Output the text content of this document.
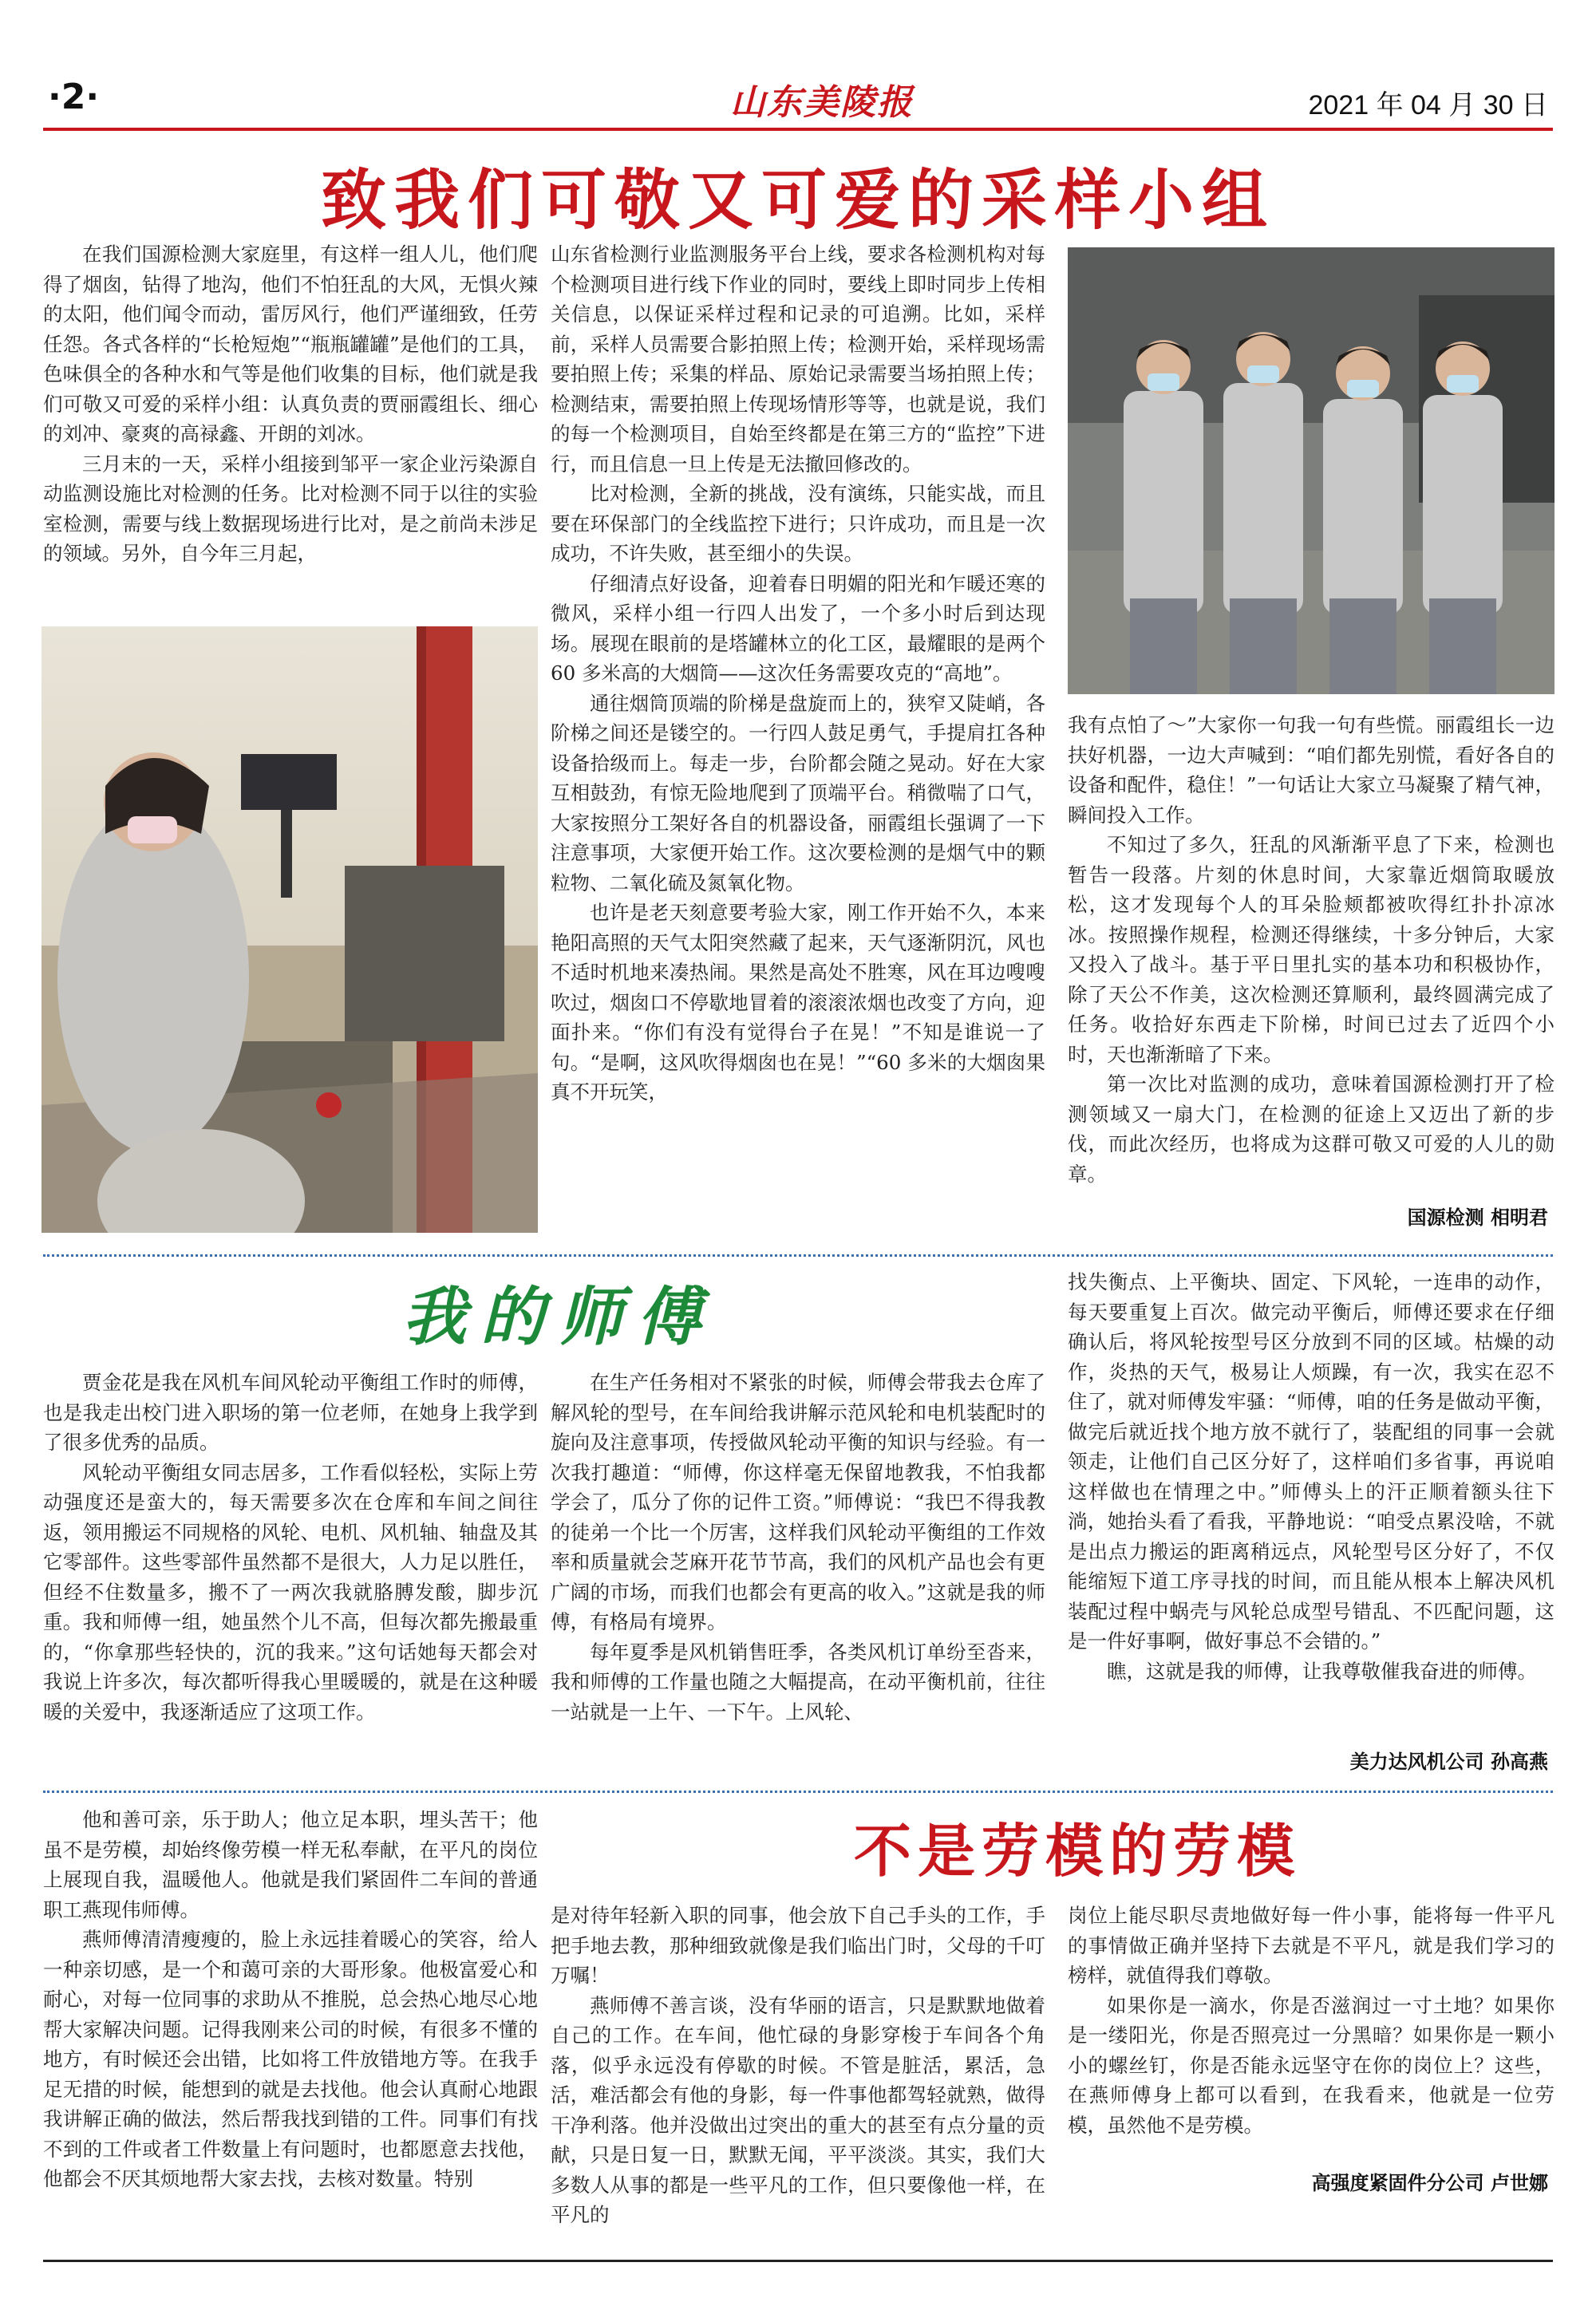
·2·	山东美陵报	2021 年 04 月 30 日
致我们可敬又可爱的采样小组

在我们国源检测大家庭里，有这样一组人儿，他们爬得了烟囱，钻得了地沟，他们不怕狂乱的大风，无惧火辣的太阳，他们闻令而动，雷厉风行，他们严谨细致，任劳任怨。各式各样的“长枪短炮”“瓶瓶罐罐”是他们的工具，色味俱全的各种水和气等是他们收集的目标，他们就是我们可敬又可爱的采样小组：认真负责的贾丽霞组长、细心的刘冲、豪爽的高禄鑫、开朗的刘冰。

三月末的一天，采样小组接到邹平一家企业污染源自动监测设施比对检测的任务。比对检测不同于以往的实验室检测，需要与线上数据现场进行比对，是之前尚未涉足的领域。另外，自今年三月起，

山东省检测行业监测服务平台上线，要求各检测机构对每个检测项目进行线下作业的同时，要线上即时同步上传相关信息，以保证采样过程和记录的可追溯。比如，采样前，采样人员需要合影拍照上传；检测开始，采样现场需要拍照上传；采集的样品、原始记录需要当场拍照上传；检测结束，需要拍照上传现场情形等等，也就是说，我们的每一个检测项目，自始至终都是在第三方的“监控”下进行，而且信息一旦上传是无法撤回修改的。

比对检测，全新的挑战，没有演练，只能实战，而且要在环保部门的全线监控下进行；只许成功，而且是一次成功，不许失败，甚至细小的失误。

仔细清点好设备，迎着春日明媚的阳光和乍暖还寒的微风，采样小组一行四人出发了，一个多小时后到达现场。展现在眼前的是塔罐林立的化工区，最耀眼的是两个 60 多米高的大烟筒——这次任务需要攻克的“高地”。

通往烟筒顶端的阶梯是盘旋而上的，狭窄又陡峭，各阶梯之间还是镂空的。一行四人鼓足勇气，手提肩扛各种设备拾级而上。每走一步，台阶都会随之晃动。好在大家互相鼓劲，有惊无险地爬到了顶端平台。稍微喘了口气，大家按照分工架好各自的机器设备，丽霞组长强调了一下注意事项，大家便开始工作。这次要检测的是烟气中的颗粒物、二氧化硫及氮氧化物。

也许是老天刻意要考验大家，刚工作开始不久，本来艳阳高照的天气太阳突然藏了起来，天气逐渐阴沉，风也不适时机地来凑热闹。果然是高处不胜寒，风在耳边嗖嗖吹过，烟囱口不停歇地冒着的滚滚浓烟也改变了方向，迎面扑来。“你们有没有觉得台子在晃！”不知是谁说一了句。“是啊，这风吹得烟囱也在晃！”“60 多米的大烟囱果真不开玩笑，

我有点怕了～”大家你一句我一句有些慌。丽霞组长一边扶好机器，一边大声喊到：“咱们都先别慌，看好各自的设备和配件，稳住！”一句话让大家立马凝聚了精气神，瞬间投入工作。

不知过了多久，狂乱的风渐渐平息了下来，检测也暂告一段落。片刻的休息时间，大家靠近烟筒取暖放松，这才发现每个人的耳朵脸颊都被吹得红扑扑凉冰冰。按照操作规程，检测还得继续，十多分钟后，大家又投入了战斗。基于平日里扎实的基本功和积极协作，除了天公不作美，这次检测还算顺利，最终圆满完成了任务。收拾好东西走下阶梯，时间已过去了近四个小时，天也渐渐暗了下来。

第一次比对监测的成功，意味着国源检测打开了检测领域又一扇大门，在检测的征途上又迈出了新的步伐，而此次经历，也将成为这群可敬又可爱的人儿的勋章。

国源检测 相明君
我的师傅

贾金花是我在风机车间风轮动平衡组工作时的师傅，也是我走出校门进入职场的第一位老师，在她身上我学到了很多优秀的品质。

风轮动平衡组女同志居多，工作看似轻松，实际上劳动强度还是蛮大的，每天需要多次在仓库和车间之间往返，领用搬运不同规格的风轮、电机、风机轴、轴盘及其它零部件。这些零部件虽然都不是很大，人力足以胜任，但经不住数量多，搬不了一两次我就胳膊发酸，脚步沉重。我和师傅一组，她虽然个儿不高，但每次都先搬最重的，“你拿那些轻快的，沉的我来。”这句话她每天都会对我说上许多次，每次都听得我心里暖暖的，就是在这种暖暖的关爱中，我逐渐适应了这项工作。

在生产任务相对不紧张的时候，师傅会带我去仓库了解风轮的型号，在车间给我讲解示范风轮和电机装配时的旋向及注意事项，传授做风轮动平衡的知识与经验。有一次我打趣道：“师傅，你这样毫无保留地教我，不怕我都学会了，瓜分了你的记件工资。”师傅说：“我巴不得我教的徒弟一个比一个厉害，这样我们风轮动平衡组的工作效率和质量就会芝麻开花节节高，我们的风机产品也会有更广阔的市场，而我们也都会有更高的收入。”这就是我的师傅，有格局有境界。

每年夏季是风机销售旺季，各类风机订单纷至沓来，我和师傅的工作量也随之大幅提高，在动平衡机前，往往一站就是一上午、一下午。上风轮、

找失衡点、上平衡块、固定、下风轮，一连串的动作，每天要重复上百次。做完动平衡后，师傅还要求在仔细确认后，将风轮按型号区分放到不同的区域。枯燥的动作，炎热的天气，极易让人烦躁，有一次，我实在忍不住了，就对师傅发牢骚：“师傅，咱的任务是做动平衡，做完后就近找个地方放不就行了，装配组的同事一会就领走，让他们自己区分好了，这样咱们多省事，再说咱这样做也在情理之中。”师傅头上的汗正顺着额头往下淌，她抬头看了看我，平静地说：“咱受点累没啥，不就是出点力搬运的距离稍远点，风轮型号区分好了，不仅能缩短下道工序寻找的时间，而且能从根本上解决风机装配过程中蜗壳与风轮总成型号错乱、不匹配问题，这是一件好事啊，做好事总不会错的。”

瞧，这就是我的师傅，让我尊敬催我奋进的师傅。

美力达风机公司 孙高燕

他和善可亲，乐于助人；他立足本职，埋头苦干；他虽不是劳模，却始终像劳模一样无私奉献，在平凡的岗位上展现自我，温暖他人。他就是我们紧固件二车间的普通职工燕现伟师傅。

燕师傅清清瘦瘦的，脸上永远挂着暖心的笑容，给人一种亲切感，是一个和蔼可亲的大哥形象。他极富爱心和耐心，对每一位同事的求助从不推脱，总会热心地尽心地帮大家解决问题。记得我刚来公司的时候，有很多不懂的地方，有时候还会出错，比如将工件放错地方等。在我手足无措的时候，能想到的就是去找他。他会认真耐心地跟我讲解正确的做法，然后帮我找到错的工件。同事们有找不到的工件或者工件数量上有问题时，也都愿意去找他，他都会不厌其烦地帮大家去找，去核对数量。特别

不是劳模的劳模

是对待年轻新入职的同事，他会放下自己手头的工作，手把手地去教，那种细致就像是我们临出门时，父母的千叮万嘱！

燕师傅不善言谈，没有华丽的语言，只是默默地做着自己的工作。在车间，他忙碌的身影穿梭于车间各个角落，似乎永远没有停歇的时候。不管是脏活，累活，急活，难活都会有他的身影，每一件事他都驾轻就熟，做得干净利落。他并没做出过突出的重大的甚至有点分量的贡献，只是日复一日，默默无闻，平平淡淡。其实，我们大多数人从事的都是一些平凡的工作，但只要像他一样，在平凡的

岗位上能尽职尽责地做好每一件小事，能将每一件平凡的事情做正确并坚持下去就是不平凡，就是我们学习的榜样，就值得我们尊敬。

如果你是一滴水，你是否滋润过一寸土地？如果你是一缕阳光，你是否照亮过一分黑暗？如果你是一颗小小的螺丝钉，你是否能永远坚守在你的岗位上？这些，在燕师傅身上都可以看到，在我看来，他就是一位劳模，虽然他不是劳模。

高强度紧固件分公司 卢世娜
